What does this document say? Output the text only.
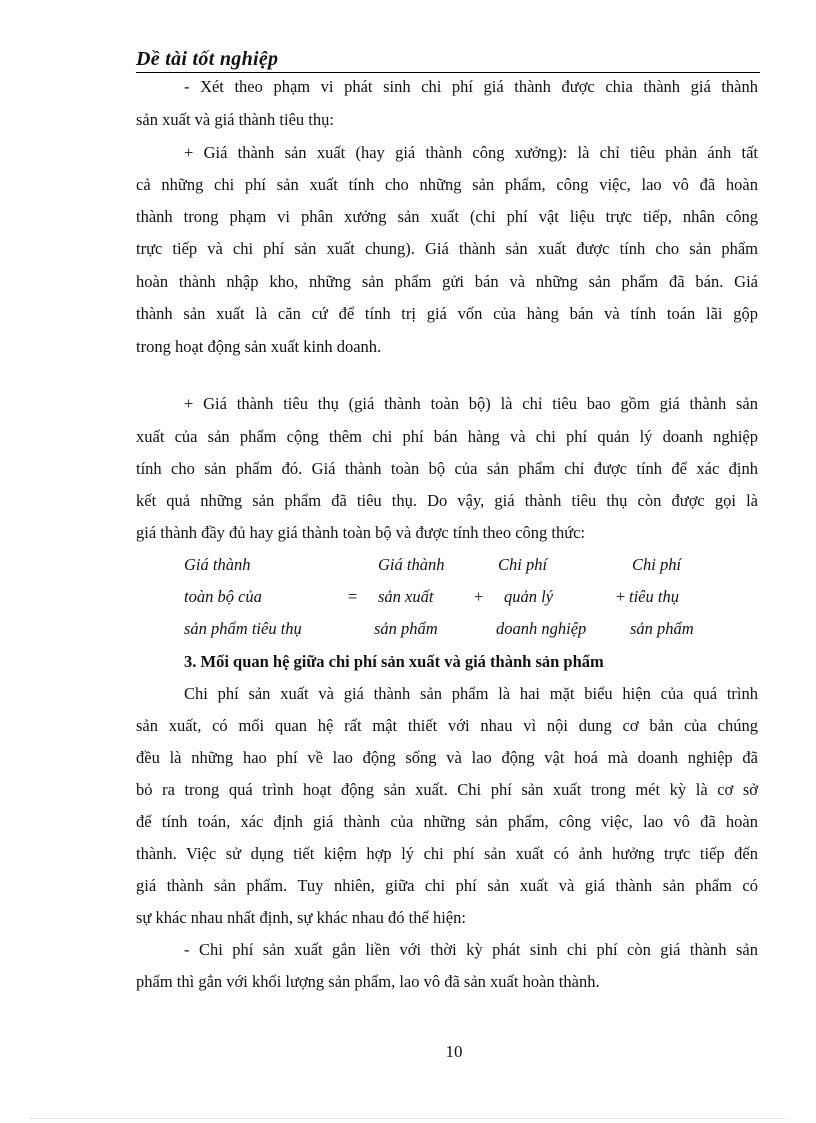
Dề tài tốt nghiệp
- Xét theo phạm vi phát sinh chi phí giá thành được chia thành giá thành
sản xuất và giá thành tiêu thụ:
+ Giá thành sản xuất (hay giá thành công xưởng): là chỉ tiêu phản ánh tất
cả những chi phí sản xuất tính cho những sản phẩm, công việc, lao vô đã hoàn
thành trong phạm vi phân xưởng sản xuất (chi phí vật liệu trực tiếp, nhân công
trực tiếp và chi phí sản xuất chung). Giá thành sản xuất được tính cho sản phẩm
hoàn thành nhập kho, những sản phẩm gửi bán và những sản phẩm đã bán. Giá
thành sản xuất là căn cứ để tính trị giá vốn của hàng bán và tính toán lãi gộp
trong hoạt động sản xuất kinh doanh.
+ Giá thành tiêu thụ (giá thành toàn bộ) là chỉ tiêu bao gồm giá thành sản
xuất của sản phẩm cộng thêm chi phí bán hàng và chi phí quản lý doanh nghiệp
tính cho sản phẩm đó. Giá thành toàn bộ của sản phẩm chỉ được tính để xác định
kết quả những sản phẩm đã tiêu thụ. Do vậy, giá thành tiêu thụ còn được gọi là
giá thành đầy đủ hay giá thành toàn bộ và được tính theo công thức:
Giá thành
toàn bộ của
sản phẩm tiêu thụ
=
Giá thành
sản xuất
sản phẩm
+
Chi phí
quản lý
doanh nghiệp
Chi phí
+ tiêu thụ
sản phẩm
3. Mối quan hệ giữa chi phí sản xuất và giá thành sản phẩm
Chi phí sản xuất và giá thành sản phẩm là hai mặt biểu hiện của quá trình
sản xuất, có mối quan hệ rất mật thiết với nhau vì nội dung cơ bản của chúng
đều là những hao phí về lao động sống và lao động vật hoá mà doanh nghiệp đã
bỏ ra trong quá trình hoạt động sản xuất. Chi phí sản xuất trong mét kỳ là cơ sở
để tính toán, xác định giá thành của những sản phẩm, công việc, lao vô đã hoàn
thành. Việc sử dụng tiết kiệm hợp lý chi phí sản xuất có ảnh hưởng trực tiếp đến
giá thành sản phẩm. Tuy nhiên, giữa chi phí sản xuất và giá thành sản phẩm có
sự khác nhau nhất định, sự khác nhau đó thể hiện:
- Chi phí sản xuất gắn liền với thời kỳ phát sinh chi phí còn giá thành sản
phẩm thì gắn với khối lượng sản phẩm, lao vô đã sản xuất hoàn thành.
10
